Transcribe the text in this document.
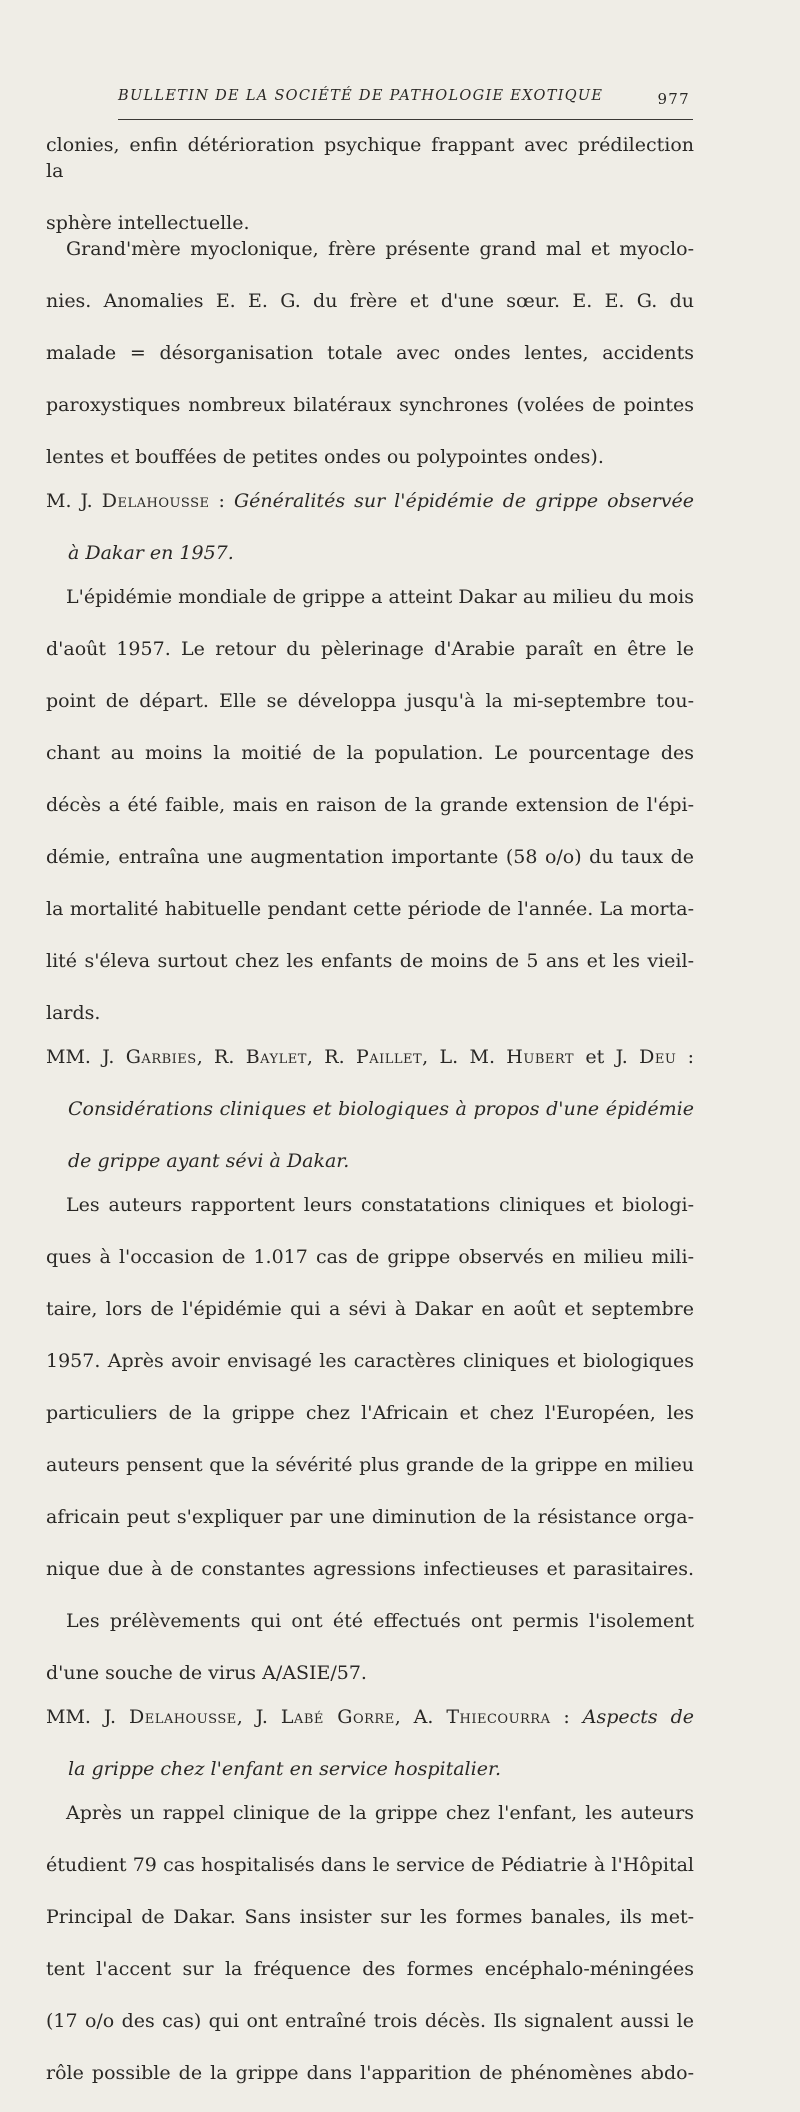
BULLETIN DE LA SOCIÉTÉ DE PATHOLOGIE EXOTIQUE	977

clonies, enfin détérioration psychique frappant avec prédilection la

sphère intellectuelle.

Grand'mère myoclonique, frère présente grand mal et myoclo-

nies. Anomalies E. E. G. du frère et d'une sœur. E. E. G. du

malade = désorganisation totale avec ondes lentes, accidents

paroxystiques nombreux bilatéraux synchrones (volées de pointes

lentes et bouffées de petites ondes ou polypointes ondes).

M. J. Delahousse : Généralités sur l'épidémie de grippe observée

à Dakar en 1957.

L'épidémie mondiale de grippe a atteint Dakar au milieu du mois

d'août 1957. Le retour du pèlerinage d'Arabie paraît en être le

point de départ. Elle se développa jusqu'à la mi-septembre tou-

chant au moins la moitié de la population. Le pourcentage des

décès a été faible, mais en raison de la grande extension de l'épi-

démie, entraîna une augmentation importante (58 o/o) du taux de

la mortalité habituelle pendant cette période de l'année. La morta-

lité s'éleva surtout chez les enfants de moins de 5 ans et les vieil-

lards.

MM. J. Garbies, R. Baylet, R. Paillet, L. M. Hubert et J. Deu :

Considérations cliniques et biologiques à propos d'une épidémie

de grippe ayant sévi à Dakar.

Les auteurs rapportent leurs constatations cliniques et biologi-

ques à l'occasion de 1.017 cas de grippe observés en milieu mili-

taire, lors de l'épidémie qui a sévi à Dakar en août et septembre

1957. Après avoir envisagé les caractères cliniques et biologiques

particuliers de la grippe chez l'Africain et chez l'Européen, les

auteurs pensent que la sévérité plus grande de la grippe en milieu

africain peut s'expliquer par une diminution de la résistance orga-

nique due à de constantes agressions infectieuses et parasitaires.

Les prélèvements qui ont été effectués ont permis l'isolement

d'une souche de virus A/ASIE/57.

MM. J. Delahousse, J. Labé Gorre, A. Thiecourra : Aspects de

la grippe chez l'enfant en service hospitalier.

Après un rappel clinique de la grippe chez l'enfant, les auteurs

étudient 79 cas hospitalisés dans le service de Pédiatrie à l'Hôpital

Principal de Dakar. Sans insister sur les formes banales, ils met-

tent l'accent sur la fréquence des formes encéphalo-méningées

(17 o/o des cas) qui ont entraîné trois décès. Ils signalent aussi le

rôle possible de la grippe dans l'apparition de phénomènes abdo-
